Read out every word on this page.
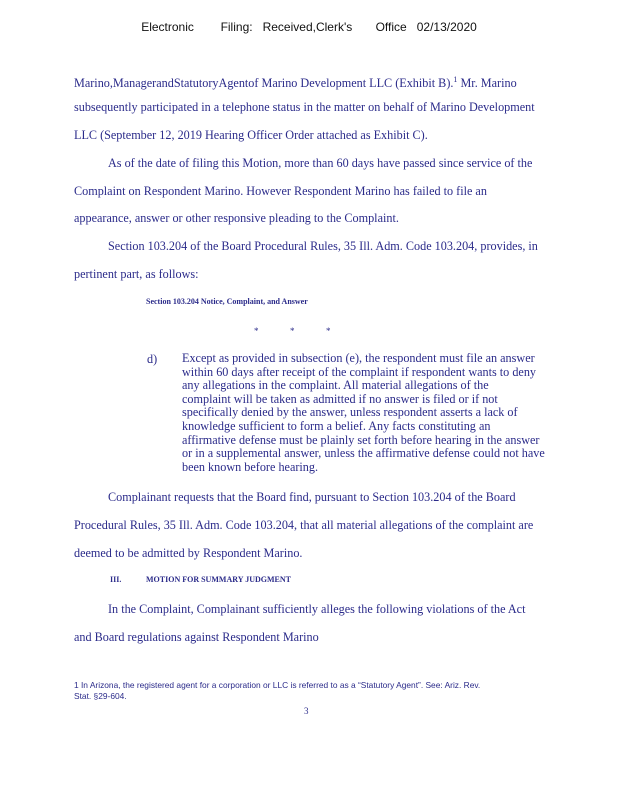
Electronic Filing: Received,Clerk's Office 02/13/2020
Marino,ManagerandStatutoryAgentof Marino Development LLC (Exhibit B).$^1$ Mr. Marino
subsequently participated in a telephone status in the matter on behalf of Marino Development
LLC (September 12, 2019 Hearing Officer Order attached as Exhibit C).
As of the date of filing this Motion, more than 60 days have passed since service of the
Complaint on Respondent Marino. However Respondent Marino has failed to file an
appearance, answer or other responsive pleading to the Complaint.
Section 103.204 of the Board Procedural Rules, 35 Ill. Adm. Code 103.204, provides, in
pertinent part, as follows:
Section 103.204 Notice, Complaint, and Answer
*	*	*
d) Except as provided in subsection (e), the respondent must file an answer
within 60 days after receipt of the complaint if respondent wants to deny
any allegations in the complaint. All material allegations of the
complaint will be taken as admitted if no answer is filed or if not
specifically denied by the answer, unless respondent asserts a lack of
knowledge sufficient to form a belief. Any facts constituting an
affirmative defense must be plainly set forth before hearing in the answer
or in a supplemental answer, unless the affirmative defense could not have
been known before hearing.
Complainant requests that the Board find, pursuant to Section 103.204 of the Board
Procedural Rules, 35 Ill. Adm. Code 103.204, that all material allegations of the complaint are
deemed to be admitted by Respondent Marino.
III.	MOTION FOR SUMMARY JUDGMENT
In the Complaint, Complainant sufficiently alleges the following violations of the Act
and Board regulations against Respondent Marino
1 In Arizona, the registered agent for a corporation or LLC is referred to as a “Statutory Agent”. See: Ariz. Rev.
Stat. §29-604.
3
